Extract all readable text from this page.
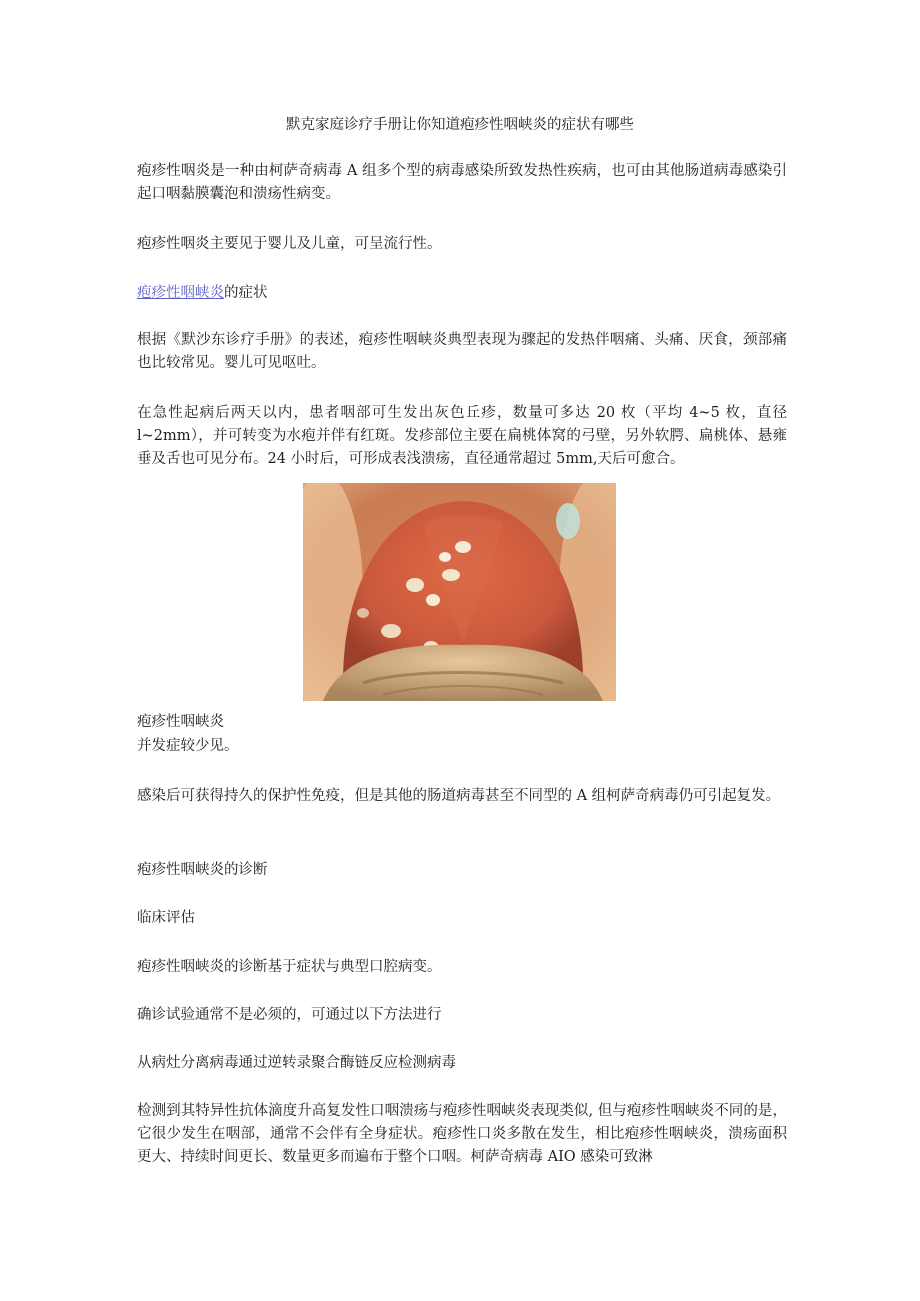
默克家庭诊疗手册让你知道疱疹性咽峡炎的症状有哪些
疱疹性咽炎是一种由柯萨奇病毒 A 组多个型的病毒感染所致发热性疾病，也可由其他肠道病毒感染引起口咽黏膜囊泡和溃疡性病变。
疱疹性咽炎主要见于婴儿及儿童，可呈流行性。
疱疹性咽峡炎的症状
根据《默沙东诊疗手册》的表述，疱疹性咽峡炎典型表现为骤起的发热伴咽痛、头痛、厌食，颈部痛也比较常见。婴儿可见呕吐。
在急性起病后两天以内，患者咽部可生发出灰色丘疹，数量可多达 20 枚（平均 4~5 枚，直径 l~2mm），并可转变为水疱并伴有红斑。发疹部位主要在扁桃体窝的弓壁，另外软腭、扁桃体、悬雍垂及舌也可见分布。24 小时后，可形成表浅溃疡，直径通常超过 5mm,天后可愈合。
疱疹性咽峡炎
并发症较少见。
感染后可获得持久的保护性免疫，但是其他的肠道病毒甚至不同型的 A 组柯萨奇病毒仍可引起复发。
疱疹性咽峡炎的诊断
临床评估
疱疹性咽峡炎的诊断基于症状与典型口腔病变。
确诊试验通常不是必须的，可通过以下方法进行
从病灶分离病毒通过逆转录聚合酶链反应检测病毒
检测到其特异性抗体滴度升高复发性口咽溃疡与疱疹性咽峡炎表现类似, 但与疱疹性咽峡炎不同的是，它很少发生在咽部，通常不会伴有全身症状。疱疹性口炎多散在发生，相比疱疹性咽峡炎，溃疡面积更大、持续时间更长、数量更多而遍布于整个口咽。柯萨奇病毒 AIO 感染可致淋
